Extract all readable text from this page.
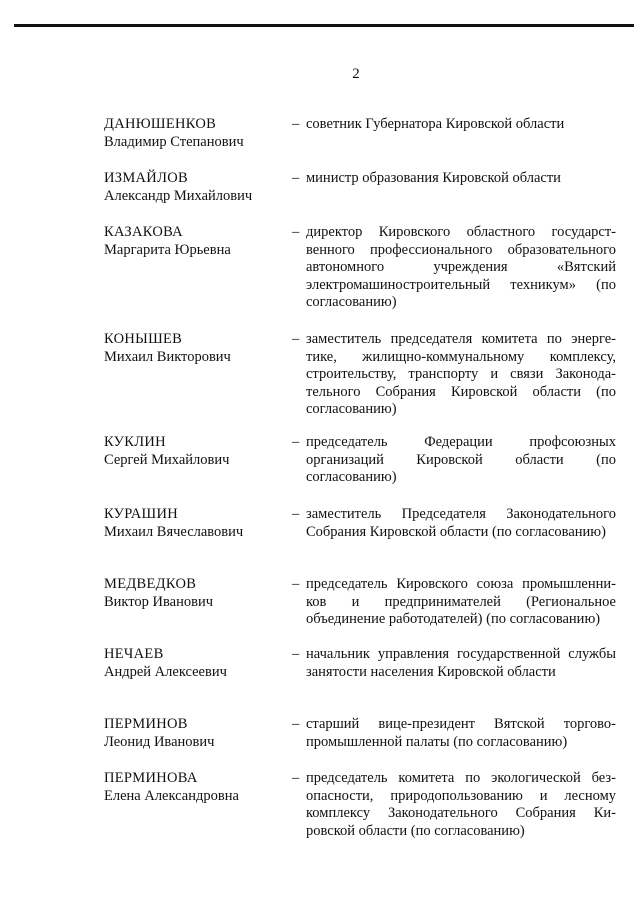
2
ДАНЮШЕНКОВ
Владимир Степанович
– советник Губернатора Кировской области
ИЗМАЙЛОВ
Александр Михайлович
– министр образования Кировской области
КАЗАКОВА
Маргарита Юрьевна
– директор Кировского областного государственного профессионального образовательного автономного учреждения «Вятский электромашиностроительный техникум» (по согласованию)
КОНЫШЕВ
Михаил Викторович
– заместитель председателя комитета по энергетике, жилищно-коммунальному комплексу, строительству, транспорту и связи Законодательного Собрания Кировской области (по согласованию)
КУКЛИН
Сергей Михайлович
– председатель Федерации профсоюзных организаций Кировской области (по согласованию)
КУРАШИН
Михаил Вячеславович
– заместитель Председателя Законодательного Собрания Кировской области (по согласованию)
МЕДВЕДКОВ
Виктор Иванович
– председатель Кировского союза промышленников и предпринимателей (Региональное объединение работодателей) (по согласованию)
НЕЧАЕВ
Андрей Алексеевич
– начальник управления государственной службы занятости населения Кировской области
ПЕРМИНОВ
Леонид Иванович
– старший вице-президент Вятской торгово-промышленной палаты (по согласованию)
ПЕРМИНОВА
Елена Александровна
– председатель комитета по экологической безопасности, природопользованию и лесному комплексу Законодательного Собрания Кировской области (по согласованию)
